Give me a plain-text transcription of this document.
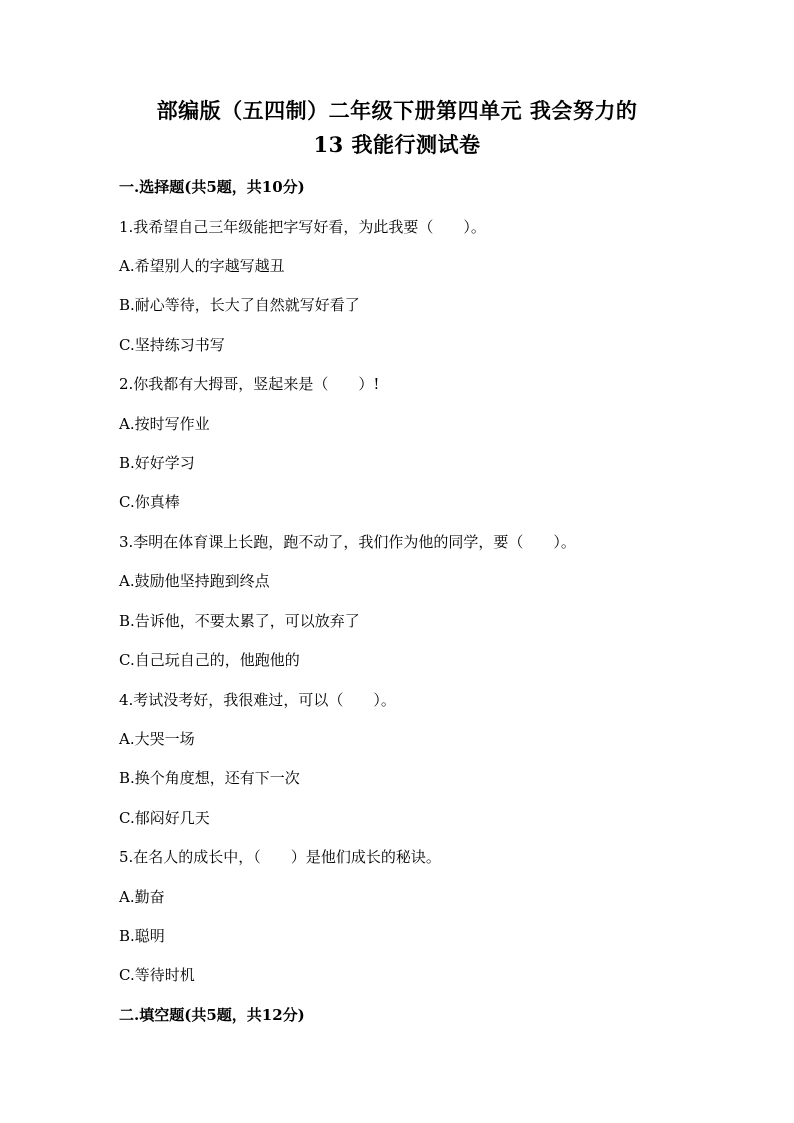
部编版（五四制）二年级下册第四单元 我会努力的
13 我能行测试卷
一.选择题(共5题，共10分)
1.我希望自己三年级能把字写好看，为此我要（　　）。
A.希望别人的字越写越丑
B.耐心等待，长大了自然就写好看了
C.坚持练习书写
2.你我都有大拇哥，竖起来是（　　）!
A.按时写作业
B.好好学习
C.你真棒
3.李明在体育课上长跑，跑不动了，我们作为他的同学，要（　　）。
A.鼓励他坚持跑到终点
B.告诉他，不要太累了，可以放弃了
C.自己玩自己的，他跑他的
4.考试没考好，我很难过，可以（　　）。
A.大哭一场
B.换个角度想，还有下一次
C.郁闷好几天
5.在名人的成长中，（　　）是他们成长的秘诀。
A.勤奋
B.聪明
C.等待时机
二.填空题(共5题，共12分)
